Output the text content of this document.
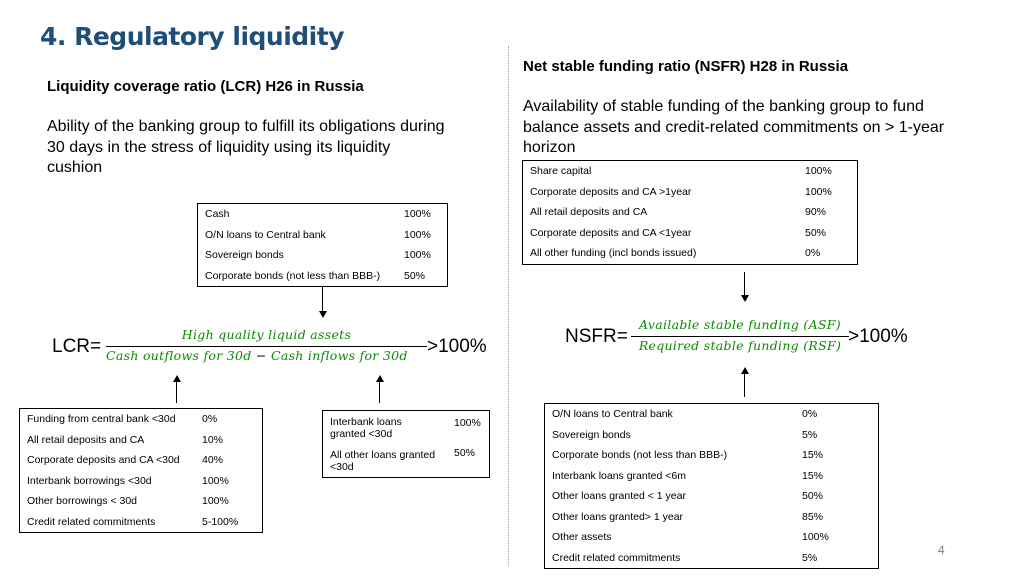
4. Regulatory liquidity
Liquidity coverage ratio (LCR) H26 in Russia
Ability of the banking group to fulfill its obligations during
30 days in the stress of liquidity using its liquidity
cushion
Cash	100%
O/N loans to Central bank	100%
Sovereign bonds	100%
Corporate bonds (not less than BBB-)	50%
LCR=
High quality liquid assets
Cash outflows for 30d − Cash inflows for 30d >100%
Funding from central bank <30d	0%
All retail deposits and CA	10%
Corporate deposits and CA <30d	40%
Interbank borrowings <30d	100%
Other borrowings < 30d	100%
Credit related commitments	5-100%
Interbank loans
granted <30d	100%

All other loans granted
<30d	50%
Net stable funding ratio (NSFR) H28 in Russia
Availability of stable funding of the banking group to fund
balance assets and credit-related commitments on > 1-year
horizon
Share capital	100%
Corporate deposits and CA >1year	100%
All retail deposits and CA	90%
Corporate deposits and CA <1year	50%
All other funding (incl bonds issued)	0%
NSFR=
Available stable funding (ASF)
Required stable funding (RSF) >100%
O/N loans to Central bank	0%
Sovereign bonds	5%
Corporate bonds (not less than BBB-)	15%
Interbank loans granted <6m	15%
Other loans granted < 1 year	50%
Other loans granted> 1 year	85%
Other assets	100%
Credit related commitments	5%
4
